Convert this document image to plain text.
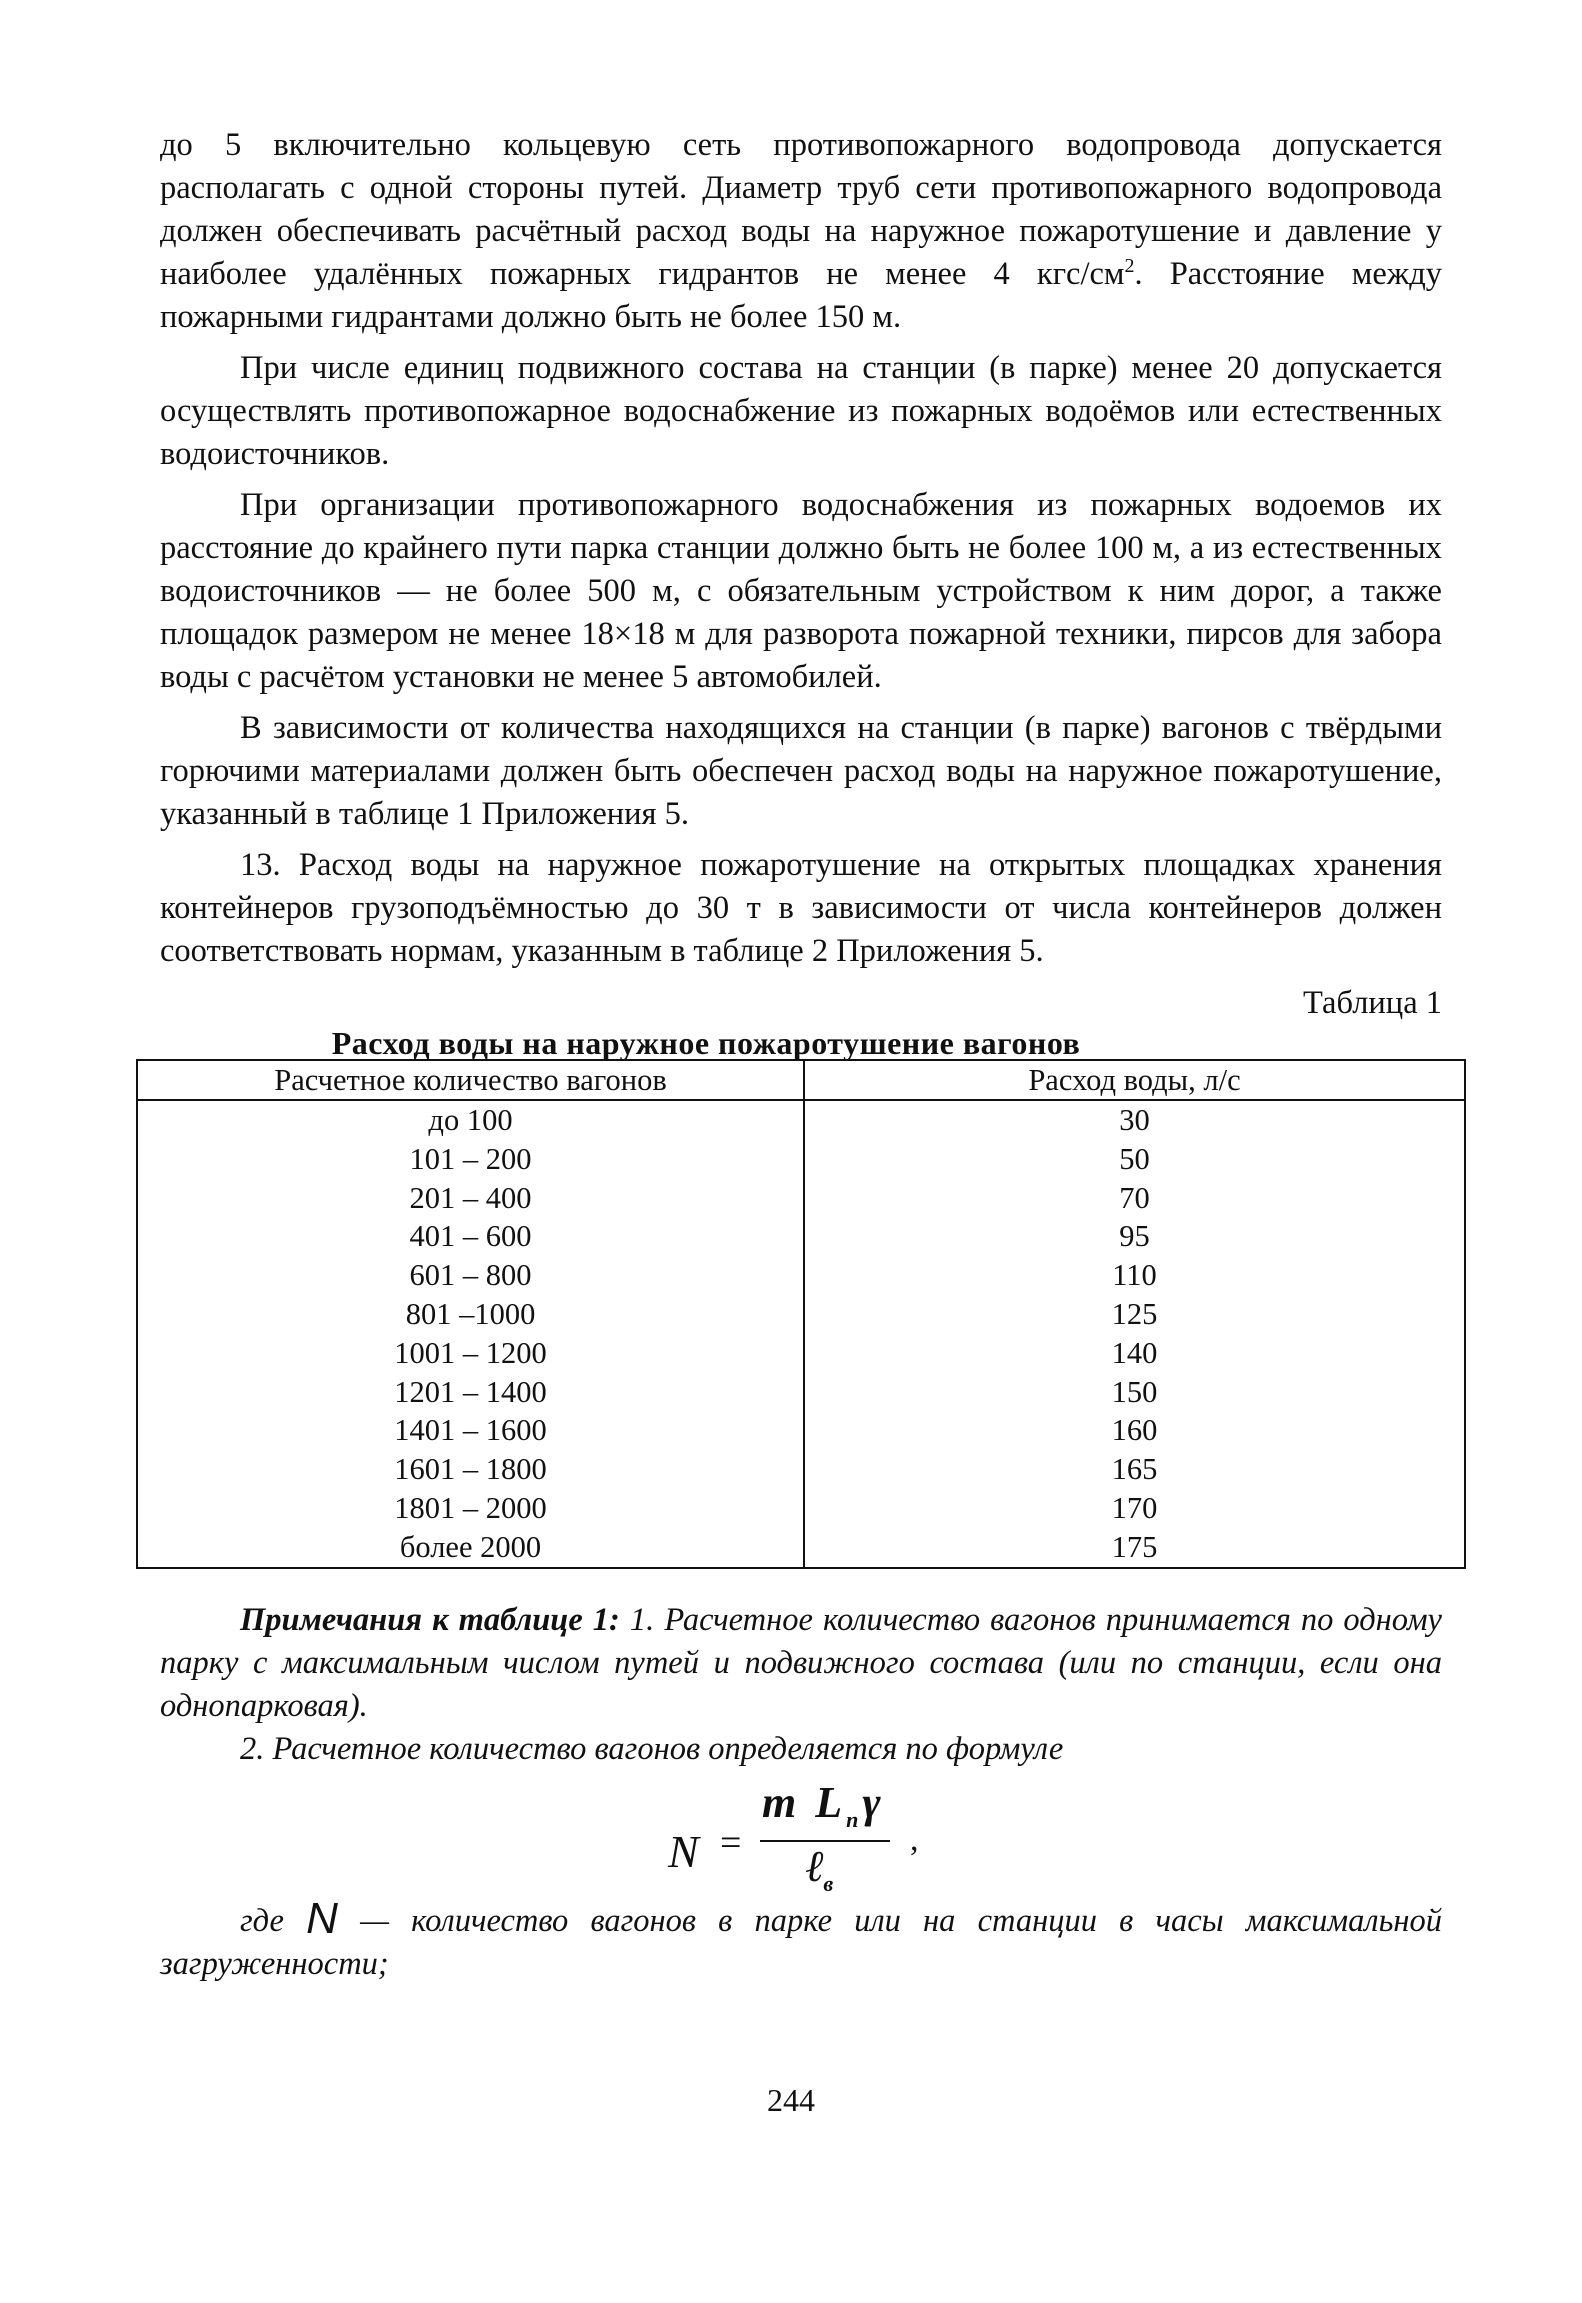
до 5 включительно кольцевую сеть противопожарного водопровода допускается располагать с одной стороны путей. Диаметр труб сети противопожарного водопровода должен обеспечивать расчётный расход воды на наружное пожаротушение и давление у наиболее удалённых пожарных гидрантов не менее 4 кгс/$см^2$. Расстояние между пожарными гидрантами должно быть не более 150 м.

При числе единиц подвижного состава на станции (в парке) менее 20 допускается осуществлять противопожарное водоснабжение из пожарных водоёмов или естественных водоисточников.

При организации противопожарного водоснабжения из пожарных водоемов их расстояние до крайнего пути парка станции должно быть не более 100 м, а из естественных водоисточников — не более 500 м, с обязательным устройством к ним дорог, а также площадок размером не менее 18×18 м для разворота пожарной техники, пирсов для забора воды с расчётом установки не менее 5 автомобилей.

В зависимости от количества находящихся на станции (в парке) вагонов с твёрдыми горючими материалами должен быть обеспечен расход воды на наружное пожаротушение, указанный в таблице 1 Приложения 5.

13. Расход воды на наружное пожаротушение на открытых площадках хранения контейнеров грузоподъёмностью до 30 т в зависимости от числа контейнеров должен соответствовать нормам, указанным в таблице 2 Приложения 5.

Таблица 1
Расход воды на наружное пожаротушение вагонов
Расчетное количество вагонов	Расход воды, л/с
до 100	30
101 – 200	50
201 – 400	70
401 – 600	95
601 – 800	110
801 –1000	125
1001 – 1200	140
1201 – 1400	150
1401 – 1600	160
1601 – 1800	165
1801 – 2000	170
более 2000	175

Примечания к таблице 1: 1. Расчетное количество вагонов принимается по одному парку с максимальным числом путей и подвижного состава (или по станции, если она однопарковая).

2. Расчетное количество вагонов определяется по формуле

N =
m $L_п\gamma$
ℓ$_в$
,

где N — количество вагонов в парке или на станции в часы максимальной загруженности;

244
